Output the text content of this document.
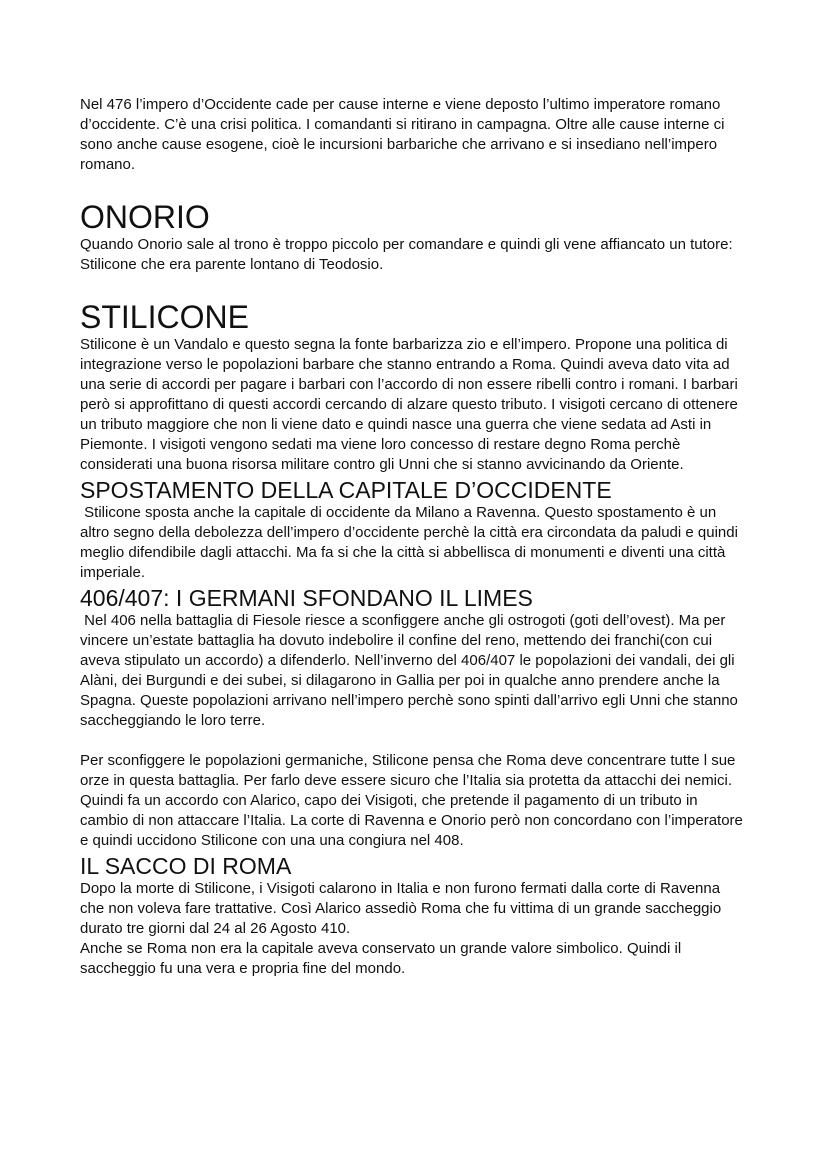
Nel 476 l’impero d’Occidente cade per cause interne e viene deposto l’ultimo imperatore romano d’occidente. C’è una crisi politica. I comandanti si ritirano in campagna. Oltre alle cause interne ci sono anche cause esogene, cioè le incursioni barbariche che arrivano e si insediano nell’impero romano.

ONORIO

Quando Onorio sale al trono è troppo piccolo per comandare e quindi gli vene affiancato un tutore: Stilicone che era parente lontano di Teodosio.

STILICONE

Stilicone è un Vandalo e questo segna la fonte barbarizza zio e ell’impero. Propone una politica di integrazione verso le popolazioni barbare che stanno entrando a Roma. Quindi aveva dato vita ad una serie di accordi per pagare i barbari con l’accordo di non essere ribelli contro i romani. I barbari però si approfittano di questi accordi cercando di alzare questo tributo. I visigoti cercano di ottenere un tributo maggiore che non li viene dato e quindi nasce una guerra che viene sedata ad Asti in Piemonte. I visigoti vengono sedati ma viene loro concesso di restare degno Roma perchè considerati una buona risorsa militare contro gli Unni che si stanno avvicinando da Oriente.

SPOSTAMENTO DELLA CAPITALE D’OCCIDENTE

Stilicone sposta anche la capitale di occidente da Milano a Ravenna. Questo spostamento è un altro segno della debolezza dell’impero d’occidente perchè la città era circondata da paludi e quindi meglio difendibile dagli attacchi. Ma fa si che la città si abbellisca di monumenti e diventi una città imperiale.

406/407: I GERMANI SFONDANO IL LIMES

Nel 406 nella battaglia di Fiesole riesce a sconfiggere anche gli ostrogoti (goti dell’ovest). Ma per vincere un’estate battaglia ha dovuto indebolire il confine del reno, mettendo dei franchi(con cui aveva stipulato un accordo) a difenderlo. Nell’inverno del 406/407 le popolazioni dei vandali, dei gli Alàni, dei Burgundi e dei subei, si dilagarono in Gallia per poi in qualche anno prendere anche la Spagna. Queste popolazioni arrivano nell’impero perchè sono spinti dall’arrivo egli Unni che stanno saccheggiando le loro terre.

Per sconfiggere le popolazioni germaniche, Stilicone pensa che Roma deve concentrare tutte l sue orze in questa battaglia. Per farlo deve essere sicuro che l’Italia sia protetta da attacchi dei nemici. Quindi fa un accordo con Alarico, capo dei Visigoti, che pretende il pagamento di un tributo in cambio di non attaccare l’Italia. La corte di Ravenna e Onorio però non concordano con l’imperatore e quindi uccidono Stilicone con una una congiura nel 408.

IL SACCO DI ROMA

Dopo la morte di Stilicone, i Visigoti calarono in Italia e non furono fermati dalla corte di Ravenna che non voleva fare trattative. Così Alarico assediò Roma che fu vittima di un grande saccheggio durato tre giorni dal 24 al 26 Agosto 410.

Anche se Roma non era la capitale aveva conservato un grande valore simbolico. Quindi il saccheggio fu una vera e propria fine del mondo.
